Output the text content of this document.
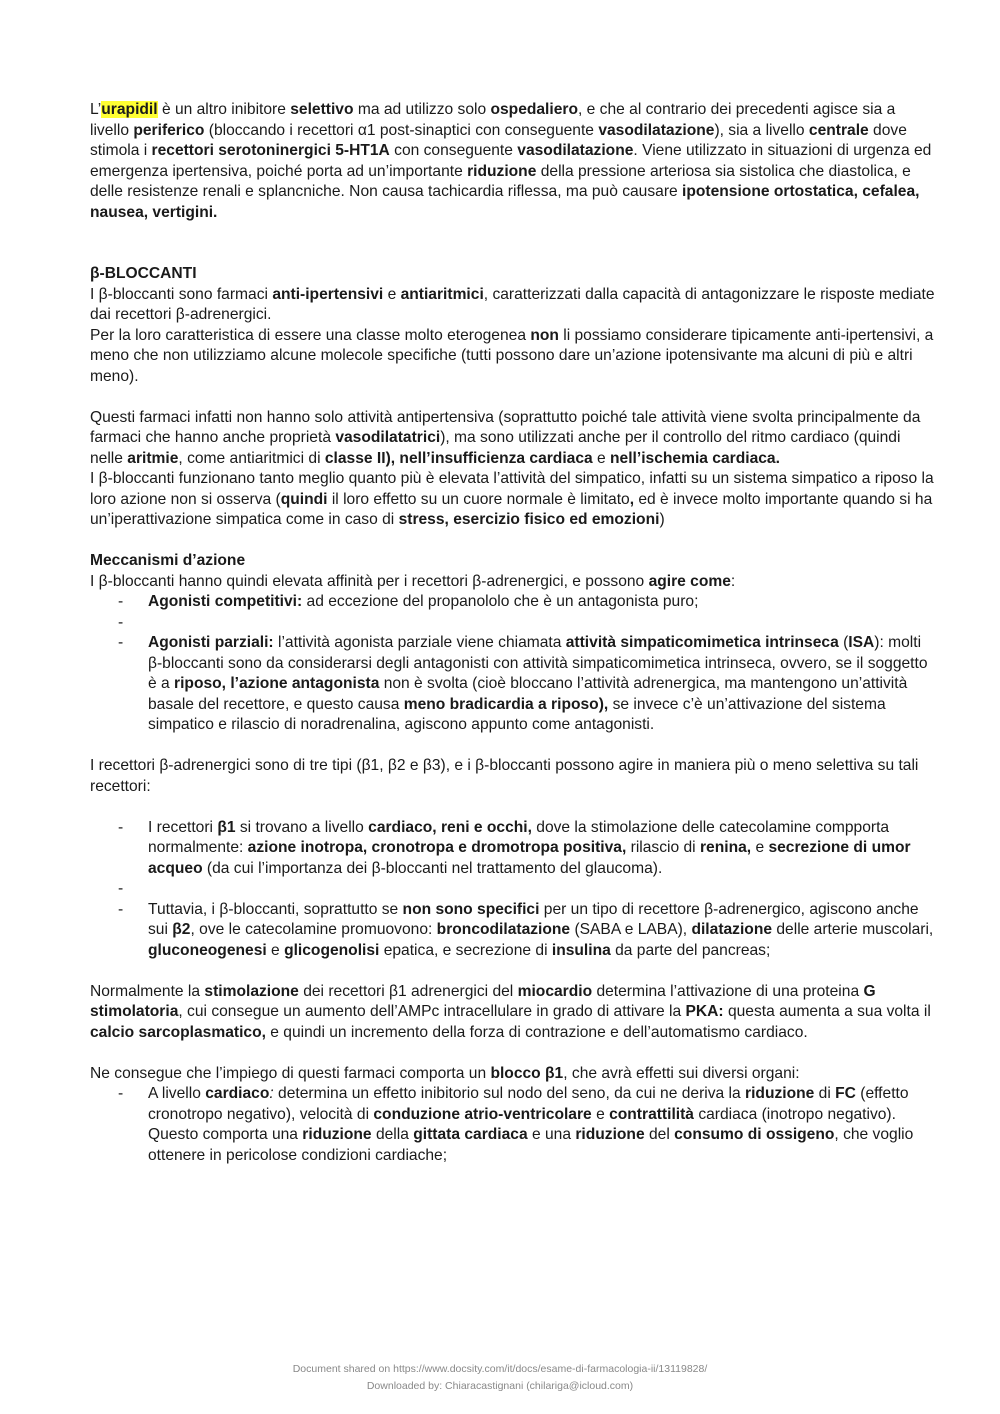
L’urapidil è un altro inibitore selettivo ma ad utilizzo solo ospedaliero, e che al contrario dei precedenti agisce sia a livello periferico (bloccando i recettori α1 post-sinaptici con conseguente vasodilatazione), sia a livello centrale dove stimola i recettori serotoninergici 5-HT1A con conseguente vasodilatazione. Viene utilizzato in situazioni di urgenza ed emergenza ipertensiva, poiché porta ad un’importante riduzione della pressione arteriosa sia sistolica che diastolica, e delle resistenze renali e splancniche. Non causa tachicardia riflessa, ma può causare ipotensione ortostatica, cefalea, nausea, vertigini.

β-BLOCCANTI

I β-bloccanti sono farmaci anti-ipertensivi e antiaritmici, caratterizzati dalla capacità di antagonizzare le risposte mediate dai recettori β-adrenergici.

Per la loro caratteristica di essere una classe molto eterogenea non li possiamo considerare tipicamente anti-ipertensivi, a meno che non utilizziamo alcune molecole specifiche (tutti possono dare un’azione ipotensivante ma alcuni di più e altri meno).

Questi farmaci infatti non hanno solo attività antipertensiva (soprattutto poiché tale attività viene svolta principalmente da farmaci che hanno anche proprietà vasodilatatrici), ma sono utilizzati anche per il controllo del ritmo cardiaco (quindi nelle aritmie, come antiaritmici di classe II), nell’insufficienza cardiaca e nell’ischemia cardiaca.

I β-bloccanti funzionano tanto meglio quanto più è elevata l’attività del simpatico, infatti su un sistema simpatico a riposo la loro azione non si osserva (quindi il loro effetto su un cuore normale è limitato, ed è invece molto importante quando si ha un’iperattivazione simpatica come in caso di stress, esercizio fisico ed emozioni)

Meccanismi d’azione

I β-bloccanti hanno quindi elevata affinità per i recettori β-adrenergici, e possono agire come:

- Agonisti competitivi: ad eccezione del propanololo che è un antagonista puro;
-
- Agonisti parziali: l’attività agonista parziale viene chiamata attività simpaticomimetica intrinseca (ISA): molti β-bloccanti sono da considerarsi degli antagonisti con attività simpaticomimetica intrinseca, ovvero, se il soggetto è a riposo, l’azione antagonista non è svolta (cioè bloccano l’attività adrenergica, ma mantengono un’attività basale del recettore, e questo causa meno bradicardia a riposo), se invece c’è un’attivazione del sistema simpatico e rilascio di noradrenalina, agiscono appunto come antagonisti.

I recettori β-adrenergici sono di tre tipi (β1, β2 e β3), e i β-bloccanti possono agire in maniera più o meno selettiva su tali recettori:

- I recettori β1 si trovano a livello cardiaco, reni e occhi, dove la stimolazione delle catecolamine compporta normalmente: azione inotropa, cronotropa e dromotropa positiva, rilascio di renina, e secrezione di umor acqueo (da cui l’importanza dei β-bloccanti nel trattamento del glaucoma).
-
- Tuttavia, i β-bloccanti, soprattutto se non sono specifici per un tipo di recettore β-adrenergico, agiscono anche sui β2, ove le catecolamine promuovono: broncodilatazione (SABA e LABA), dilatazione delle arterie muscolari, gluconeogenesi e glicogenolisi epatica, e secrezione di insulina da parte del pancreas;

Normalmente la stimolazione dei recettori β1 adrenergici del miocardio determina l’attivazione di una proteina G stimolatoria, cui consegue un aumento dell’AMPc intracellulare in grado di attivare la PKA: questa aumenta a sua volta il calcio sarcoplasmatico, e quindi un incremento della forza di contrazione e dell’automatismo cardiaco.

Ne consegue che l’impiego di questi farmaci comporta un blocco β1, che avrà effetti sui diversi organi:

- A livello cardiaco: determina un effetto inibitorio sul nodo del seno, da cui ne deriva la riduzione di FC (effetto cronotropo negativo), velocità di conduzione atrio-ventricolare e contrattilità cardiaca (inotropo negativo).
Questo comporta una riduzione della gittata cardiaca e una riduzione del consumo di ossigeno, che voglio ottenere in pericolose condizioni cardiache;
Document shared on https://www.docsity.com/it/docs/esame-di-farmacologia-ii/13119828/
Downloaded by: Chiaracastignani (chilariga@icloud.com)
